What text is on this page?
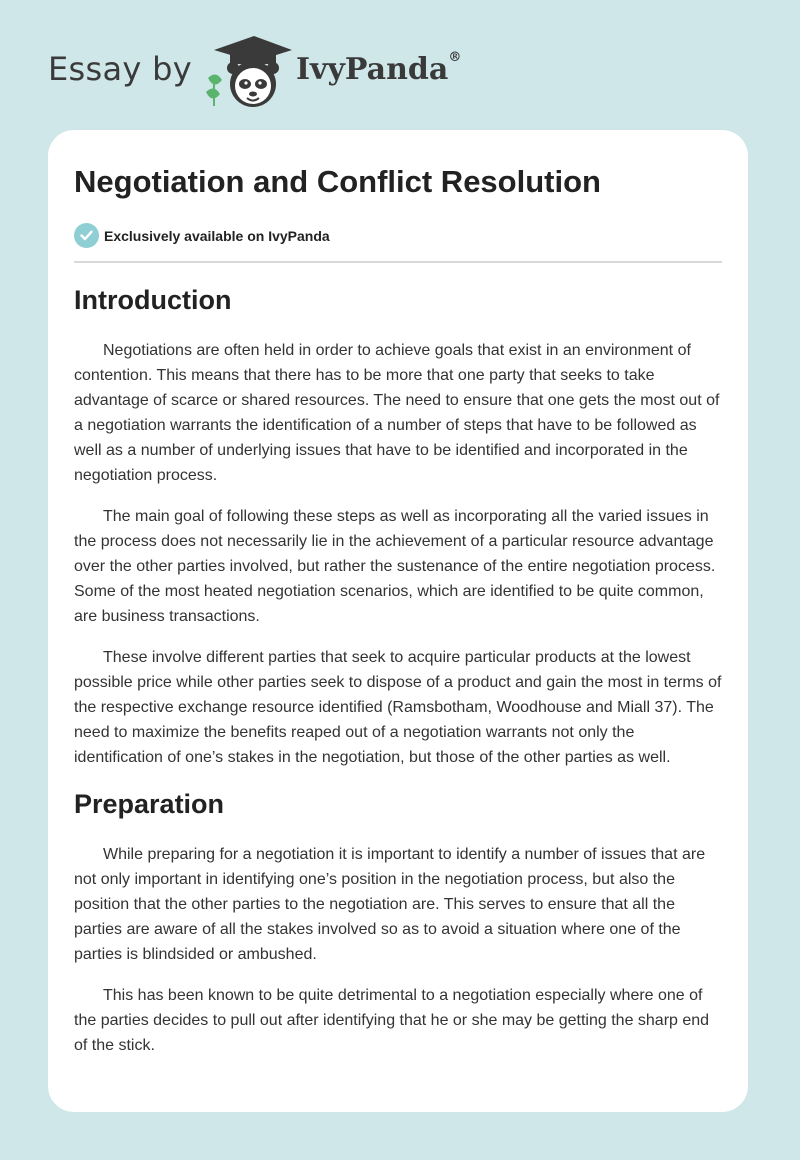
Essay by	IvyPanda®
Negotiation and Conflict Resolution
Exclusively available on IvyPanda
Introduction

Negotiations are often held in order to achieve goals that exist in an environment of contention. This means that there has to be more that one party that seeks to take advantage of scarce or shared resources. The need to ensure that one gets the most out of a negotiation warrants the identification of a number of steps that have to be followed as well as a number of underlying issues that have to be identified and incorporated in the negotiation process.

The main goal of following these steps as well as incorporating all the varied issues in the process does not necessarily lie in the achievement of a particular resource advantage over the other parties involved, but rather the sustenance of the entire negotiation process. Some of the most heated negotiation scenarios, which are identified to be quite common, are business transactions.

These involve different parties that seek to acquire particular products at the lowest possible price while other parties seek to dispose of a product and gain the most in terms of the respective exchange resource identified (Ramsbotham, Woodhouse and Miall 37). The need to maximize the benefits reaped out of a negotiation warrants not only the identification of one’s stakes in the negotiation, but those of the other parties as well.

Preparation

While preparing for a negotiation it is important to identify a number of issues that are not only important in identifying one’s position in the negotiation process, but also the position that the other parties to the negotiation are. This serves to ensure that all the parties are aware of all the stakes involved so as to avoid a situation where one of the parties is blindsided or ambushed.

This has been known to be quite detrimental to a negotiation especially where one of the parties decides to pull out after identifying that he or she may be getting the sharp end of the stick.
